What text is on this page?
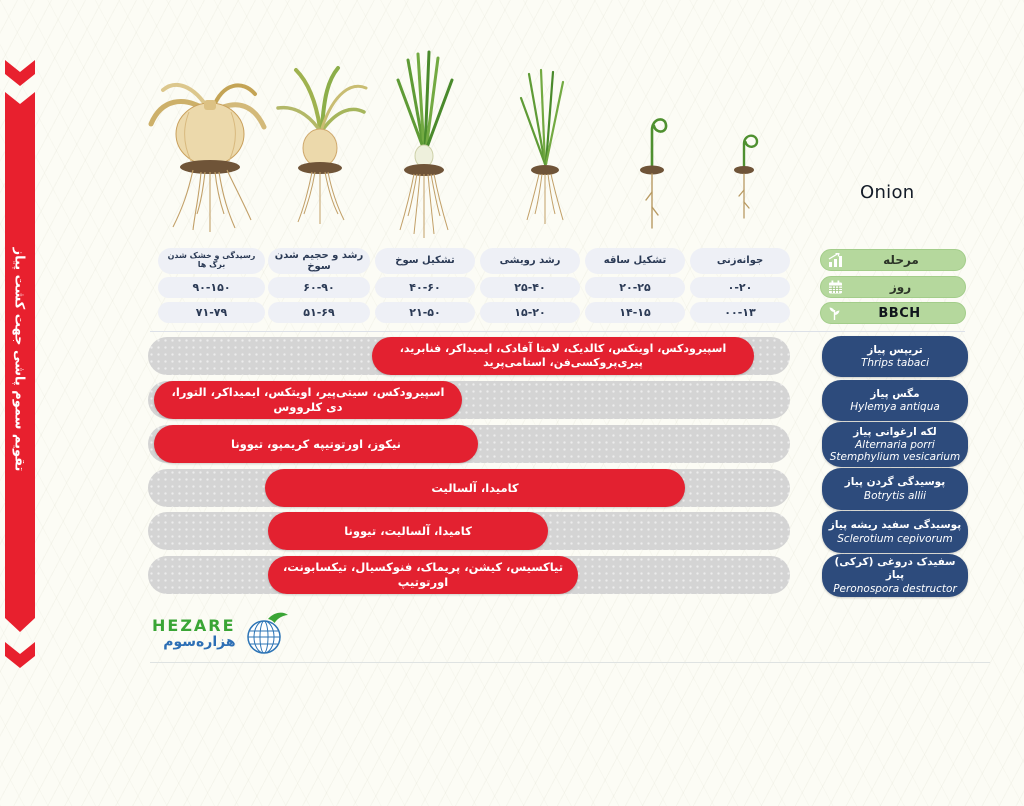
تقویم سموم پاشی جهت کشت پیاز
Onion
جوانه‌زنی
۰-۲۰
۰۰-۱۳
تشکیل ساقه
۲۰-۲۵
۱۴-۱۵
رشد رویشی
۲۵-۴۰
۱۵-۲۰
تشکیل سوخ
۴۰-۶۰
۲۱-۵۰
رشد و حجیم شدن سوخ
۶۰-۹۰
۵۱-۶۹
رسیدگی و خشک شدن برگ ها
۹۰-۱۵۰
۷۱-۷۹
مرحله
روز
BBCH
اسپیرودکس، اویتکس، کالدیک، لامتا آفادک، ایمیداکر، فنابرید، پیری‌پروکسی‌فن، استامی‌پرید
اسپیرودکس، سیتی‌پیر، اویتکس، ایمیداکر، التورا، دی کلرووس
نیکوز، اورتوتیپه کریمپو، تیوونا
کامیدا، آلسالیت
کامیدا، آلسالیت، تیوونا
تیاکسیس، کیشن، پریماک، فنوکسیال، تیکسابونت، اورتوتیپ
تریپس پیاز
Thrips tabaci
مگس پیاز
Hylemya antiqua
لکه ارغوانی پیاز
Alternaria porri
Stemphylium vesicarium
پوسیدگی گردن پیاز
Botrytis allii
پوسیدگی سفید ریشه پیاز
Sclerotium cepivorum
سفیدک دروغی (کرکی) پیاز
Peronospora destructor
HEZARE
هزاره‌سوم
